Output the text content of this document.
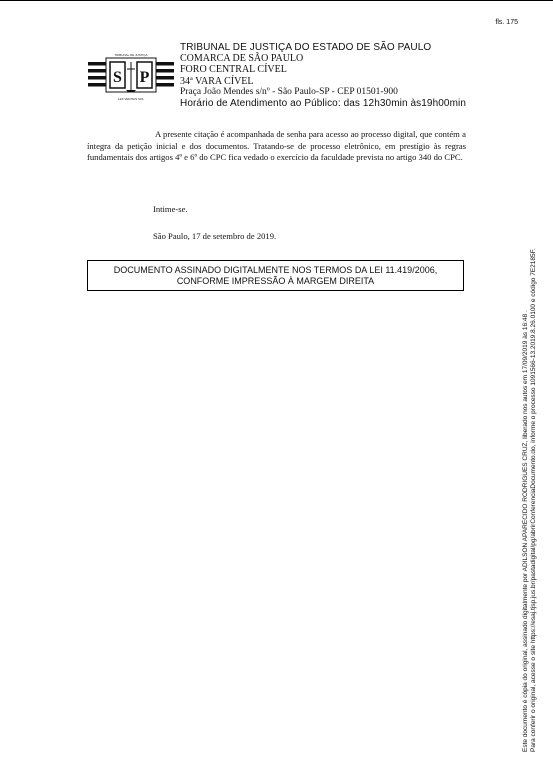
fls. 175
TRIBUNAL DE JUSTIÇA
S P
LEX VERITAS SOL
TRIBUNAL DE JUSTIÇA DO ESTADO DE SÃO PAULO
COMARCA DE SÃO PAULO
FORO CENTRAL CÍVEL
34ª VARA CÍVEL
Praça João Mendes s/nº - São Paulo-SP - CEP 01501-900
Horário de Atendimento ao Público: das 12h30min às19h00min

A presente citação é acompanhada de senha para acesso ao processo digital, que contém a íntegra da petição inicial e dos documentos. Tratando-se de processo eletrônico, em prestígio às regras fundamentais dos artigos 4º e 6º do CPC fica vedado o exercício da faculdade prevista no artigo 340 do CPC.

Intime-se.
São Paulo, 17 de setembro de 2019.
DOCUMENTO ASSINADO DIGITALMENTE NOS TERMOS DA LEI 11.419/2006,
CONFORME IMPRESSÃO À MARGEM DIREITA
Este documento é cópia do original, assinado digitalmente por ADILSON APARECIDO RODRIGUES CRUZ, liberado nos autos em 17/09/2019 às 16:48 . Para conferir o original, acesse o site https://esaj.tjsp.jus.br/pastadigital/pg/abrirConferenciaDocumento.do, informe o processo 1091566-13.2019.8.26.0100 e código 7E2185F.
